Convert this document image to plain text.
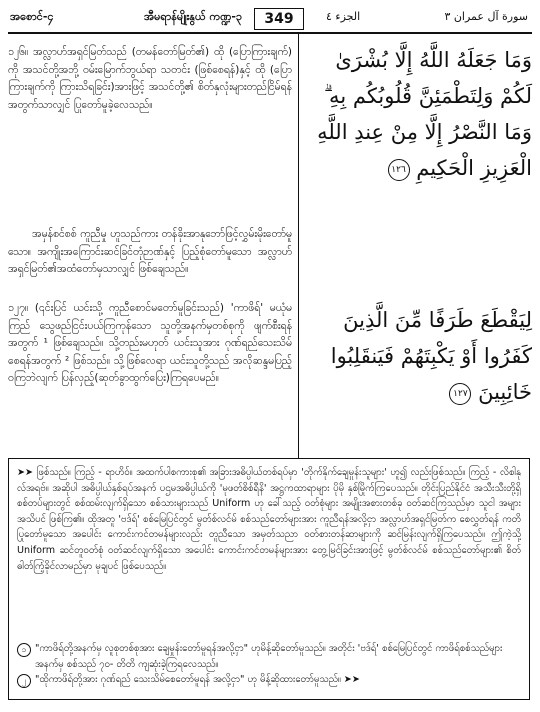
အစောင်-၄	အီမရာန်မျိုးနွယ် ကဏ္ဍ-၃	349	الجزء ٤	سورة آل عمران ٣

၁၂၆။ အလ္လာဟ်အရှင်မြတ်သည် (တမန်တော်မြတ်၏) ထို (ပြောကြားချက်) ကို အသင်တို့အဘို့ ဝမ်းမြောက်ဘွယ်ရာ သတင်း (ဖြစ်စေရန်)နှင့် ထို (ပြောကြားချက်ကို ကြားသိရခြင်း)အားဖြင့် အသင်တို့၏ စိတ်နှလုံးများတည်ငြိမ်ရန် အတွက်သာလျှင် ပြုတော်မူခဲ့လေသည်။

အမှန်စင်စစ် ကူညီမှု ဟူသည်ကား တန်ခိုးအာနုဘော်ဖြင့်လွှမ်းမိုးတော်မူသော။ အကျိုးအကြောင်းဆင်ခြင်တုံဉာဏ်နှင့် ပြည့်စုံတော်မူသော အလ္လာဟ်အရှင်မြတ်၏အထံတော်မှသာလျှင် ဖြစ်ချေသည်။

၁၂၇။ (၎င်းပြင် ယင်းသို့ ကူညီစောင်မတော်မူခြင်းသည်) 'ကာဖိရ်' မယုံမကြည် သွေဖည်ငြင်းပယ်ကြကုန်သော သူတို့အနက်မှတစ်စုကို ဖျက်စီးရန်အတွက် ¹ ဖြစ်ချေသည်။ သို့တည်းမဟုတ် ယင်းသူအား ဂုဏ်ရည်သေးသိမ်စေရန်အတွက် ² ဖြစ်သည်။ သို့ဖြစ်လေရာ ယင်းသူတို့သည် အလိုဆန္ဒမပြည့်ဝကြဘဲလျက် ပြန်လှည့်(ဆုတ်ခွာထွက်ပြေး)ကြရပေမည်။

وَمَا جَعَلَهُ اللَّهُ إِلَّا بُشْرَىٰ لَكُمْ وَلِتَطْمَئِنَّ قُلُوبُكُم بِهِ ۗ وَمَا النَّصْرُ إِلَّا مِنْ عِندِ اللَّهِ الْعَزِيزِ الْحَكِيمِ ١٢٦
لِيَقْطَعَ طَرَفًا مِّنَ الَّذِينَ كَفَرُوا أَوْ يَكْبِتَهُمْ فَيَنقَلِبُوا خَائِبِينَ ١٢٧

➤➤ ဖြစ်သည်။ ကြည့် - ရာဟိဝ်။ အထက်ပါစကားစု၏ အခြားအဓိပ္ပါယ်တစ်ရပ်မှာ 'တိုက်နိုက်ချေမှုန်းသူများ' ဟူ၍ လည်းဖြစ်သည်။ ကြည့် - လိစါနုလ်အရဗ်။ အဆိုပါ အဓိပ္ပါယ်နှစ်ရပ်အနက် ပဌမအဓိပ္ပါယ်ကို 'မုဖတ်စိစ်ရီနိ' အဋ္ဌကထာရာများ ပိုမို နှစ်မြိုက်ကြပေသည်။ တိုင်းပြည်နိုင်ငံ အသီးသီးတို့ရှိ စစ်တပ်များတွင် စစ်ထမ်းလျက်ရှိသော စစ်သားများသည် Uniform ဟု ခေါ်သည့် ဝတ်စုံများ အမျိုးအစားတစ်ခု ဝတ်ဆင်ကြသည်မှာ သူငါ အများ အသိပင် ဖြစ်ကြ၏။ ထိုအတူ 'ဗဒ်ရ်' စစ်မြေပြင်တွင် မွတ်စ်လင်မ် စစ်သည်တော်များအား ကူညီရန်အလို့ငှာ အလ္လာဟ်အရှင်မြတ်က စေလွှတ်ရန် ကတိပြုတော်မူသော အပေါင်း ကောင်းကင်တမန်များလည်း တူညီသော အမှတ်သညာ ဝတ်စားတန်ဆာများကို ဆင်မြန်းလျက်ရှိကြပေသည်။ ဤကဲ့သို့ Uniform ဆင်တူဝတ်စုံ ဝတ်ဆင်လျက်ရှိသော အပေါင်း ကောင်းကင်တမန်များအား တွေ့မြင်ခြင်းအားဖြင့် မွတ်စ်လင်မ် စစ်သည်တော်များ၏ စိတ်ဓါတ်ကြံ့ခိုင်လာမည်မှာ မုချပင် ဖြစ်ပေသည်။

၁ "ကာဖိရ်တို့အနက်မှ လူစုတစ်စုအား ချေမှုန်းတော်မူရန်အလို့ငှာ" ဟုမိန့်ဆိုတော်မူသည်။ အတိုင်း 'ဗဒ်ရ်' စစ်မြေပြင်တွင် ကာဖိရ်စစ်သည်များအနက်မှ စစ်သည် ၇၀- တိတိ ကျဆုံးခဲ့ကြရလေသည်။
၂ "ထိုကာဖိရ်တို့အား ဂုဏ်ရည် သေးသိမ်စေတော်မူရန် အလို့ငှာ" ဟု မိန့်ဆိုထားတော်မူသည်။ ➤➤
